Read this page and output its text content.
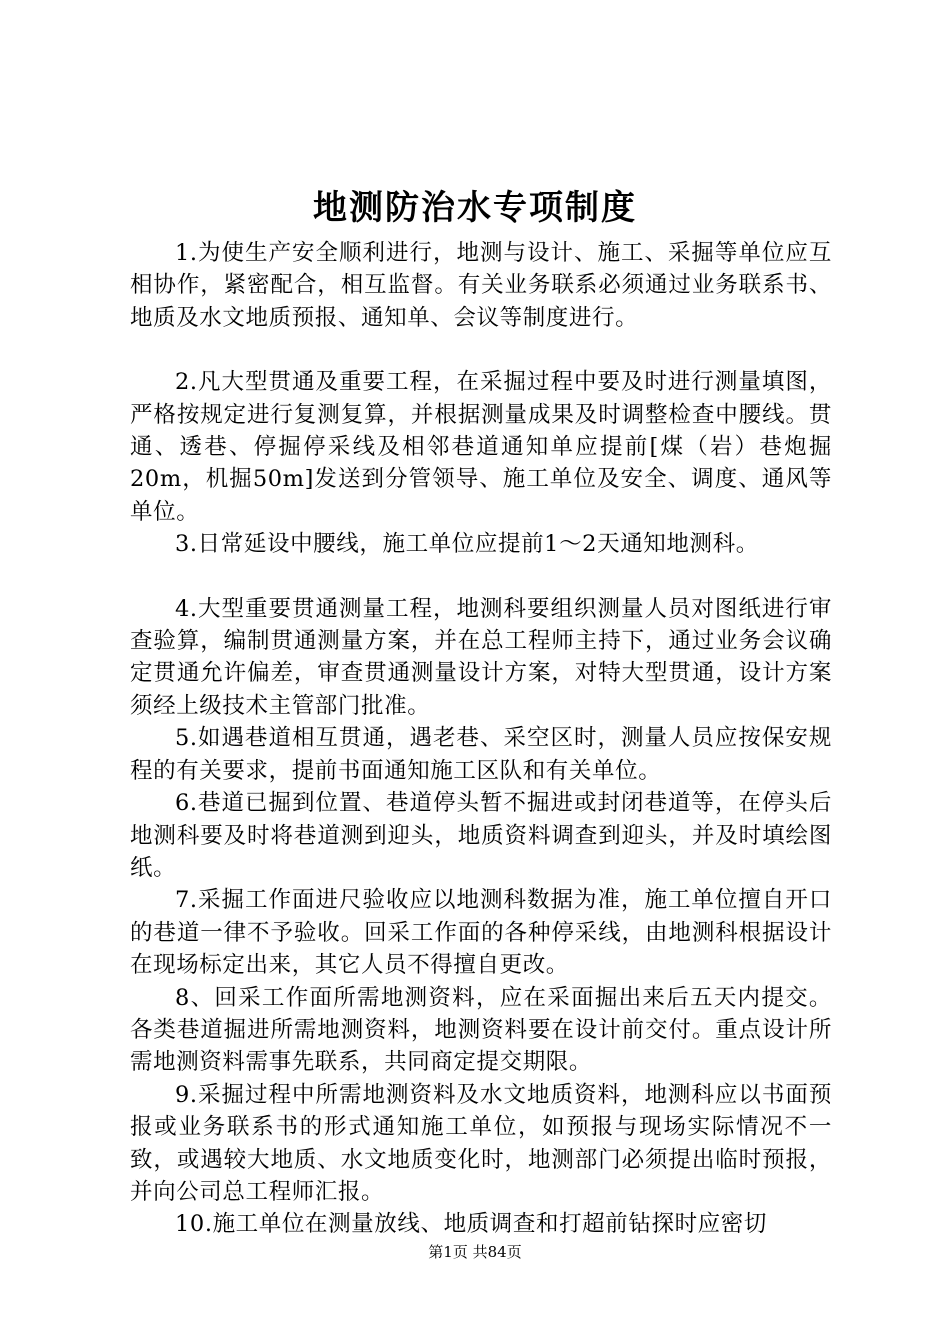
地测防治水专项制度

1.为使生产安全顺利进行，地测与设计、施工、采掘等单位应互相协作，紧密配合，相互监督。有关业务联系必须通过业务联系书、地质及水文地质预报、通知单、会议等制度进行。

2.凡大型贯通及重要工程，在采掘过程中要及时进行测量填图，严格按规定进行复测复算，并根据测量成果及时调整检查中腰线。贯通、透巷、停掘停采线及相邻巷道通知单应提前[煤（岩）巷炮掘20m，机掘50m]发送到分管领导、施工单位及安全、调度、通风等单位。

3.日常延设中腰线，施工单位应提前1～2天通知地测科。

4.大型重要贯通测量工程，地测科要组织测量人员对图纸进行审查验算，编制贯通测量方案，并在总工程师主持下，通过业务会议确定贯通允许偏差，审查贯通测量设计方案，对特大型贯通，设计方案须经上级技术主管部门批准。

5.如遇巷道相互贯通，遇老巷、采空区时，测量人员应按保安规程的有关要求，提前书面通知施工区队和有关单位。

6.巷道已掘到位置、巷道停头暂不掘进或封闭巷道等，在停头后地测科要及时将巷道测到迎头，地质资料调查到迎头，并及时填绘图纸。

7.采掘工作面进尺验收应以地测科数据为准，施工单位擅自开口的巷道一律不予验收。回采工作面的各种停采线，由地测科根据设计在现场标定出来，其它人员不得擅自更改。

8、回采工作面所需地测资料，应在采面掘出来后五天内提交。各类巷道掘进所需地测资料，地测资料要在设计前交付。重点设计所需地测资料需事先联系，共同商定提交期限。

9.采掘过程中所需地测资料及水文地质资料，地测科应以书面预报或业务联系书的形式通知施工单位，如预报与现场实际情况不一致，或遇较大地质、水文地质变化时，地测部门必须提出临时预报，并向公司总工程师汇报。

10.施工单位在测量放线、地质调查和打超前钻探时应密切

第1页 共84页
